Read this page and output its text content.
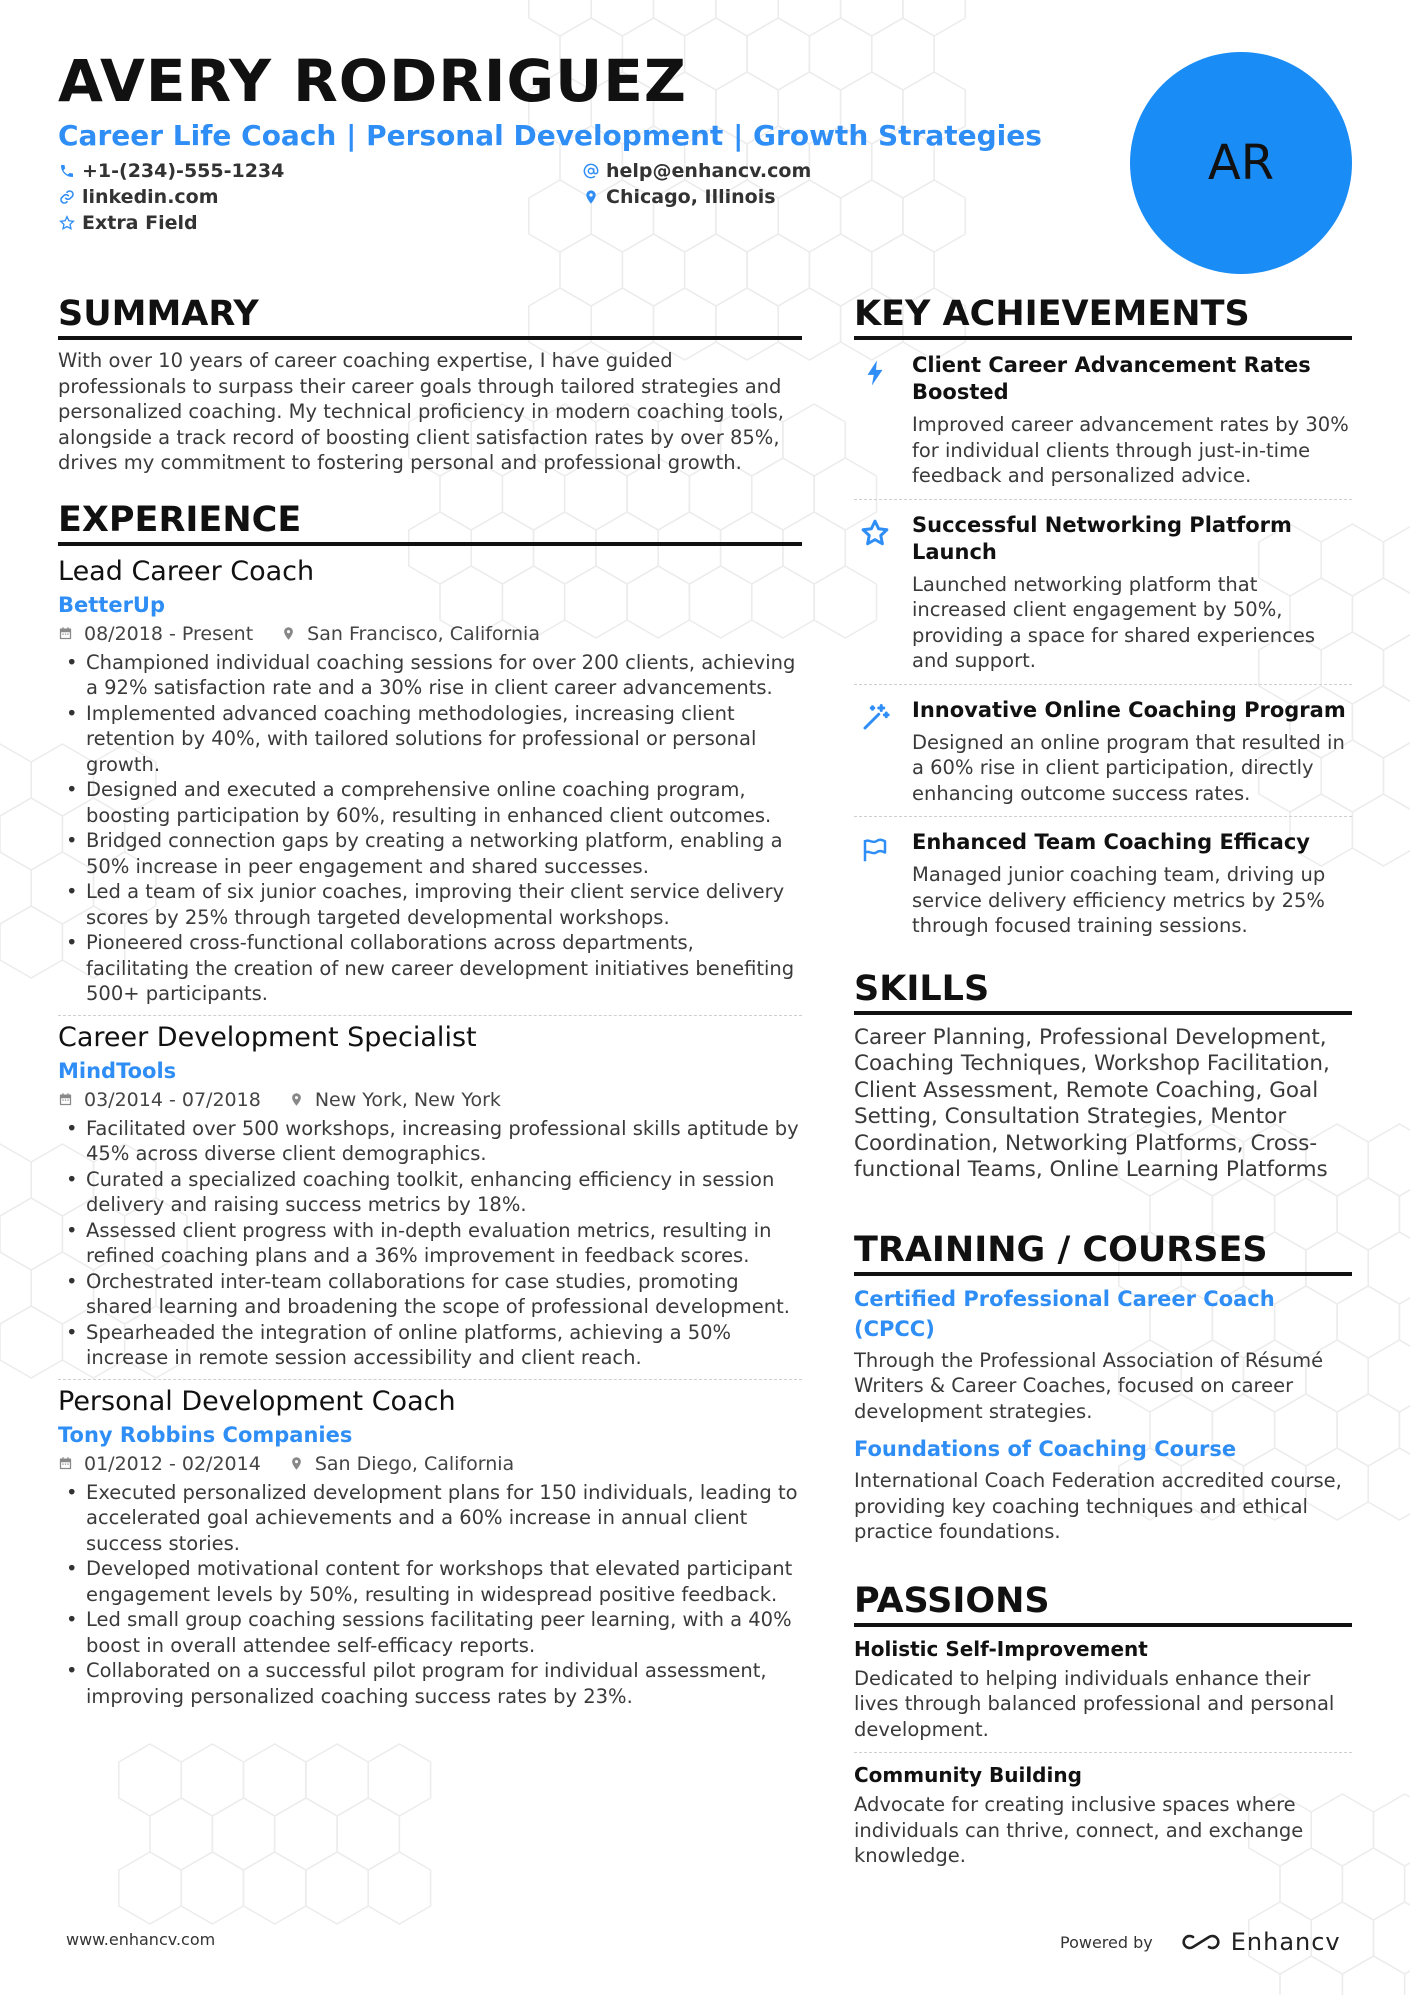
AVERY RODRIGUEZ
Career Life Coach | Personal Development | Growth Strategies
+1-(234)-555-1234	help@enhancv.com
linkedin.com	Chicago, Illinois
Extra Field
AR
SUMMARY
With over 10 years of career coaching expertise, I have guided professionals to surpass their career goals through tailored strategies and personalized coaching. My technical proficiency in modern coaching tools, alongside a track record of boosting client satisfaction rates by over 85%, drives my commitment to fostering personal and professional growth.
EXPERIENCE
Lead Career Coach
BetterUp
08/2018 - Present	San Francisco, California
• Championed individual coaching sessions for over 200 clients, achieving a 92% satisfaction rate and a 30% rise in client career advancements.
• Implemented advanced coaching methodologies, increasing client retention by 40%, with tailored solutions for professional or personal growth.
• Designed and executed a comprehensive online coaching program, boosting participation by 60%, resulting in enhanced client outcomes.
• Bridged connection gaps by creating a networking platform, enabling a 50% increase in peer engagement and shared successes.
• Led a team of six junior coaches, improving their client service delivery scores by 25% through targeted developmental workshops.
• Pioneered cross-functional collaborations across departments, facilitating the creation of new career development initiatives benefiting 500+ participants.
Career Development Specialist
MindTools
03/2014 - 07/2018	New York, New York
• Facilitated over 500 workshops, increasing professional skills aptitude by 45% across diverse client demographics.
• Curated a specialized coaching toolkit, enhancing efficiency in session delivery and raising success metrics by 18%.
• Assessed client progress with in-depth evaluation metrics, resulting in refined coaching plans and a 36% improvement in feedback scores.
• Orchestrated inter-team collaborations for case studies, promoting shared learning and broadening the scope of professional development.
• Spearheaded the integration of online platforms, achieving a 50% increase in remote session accessibility and client reach.
Personal Development Coach
Tony Robbins Companies
01/2012 - 02/2014	San Diego, California
• Executed personalized development plans for 150 individuals, leading to accelerated goal achievements and a 60% increase in annual client success stories.
• Developed motivational content for workshops that elevated participant engagement levels by 50%, resulting in widespread positive feedback.
• Led small group coaching sessions facilitating peer learning, with a 40% boost in overall attendee self-efficacy reports.
• Collaborated on a successful pilot program for individual assessment, improving personalized coaching success rates by 23%.
KEY ACHIEVEMENTS
Client Career Advancement Rates Boosted
Improved career advancement rates by 30% for individual clients through just-in-time feedback and personalized advice.
Successful Networking Platform Launch
Launched networking platform that increased client engagement by 50%, providing a space for shared experiences and support.
Innovative Online Coaching Program
Designed an online program that resulted in a 60% rise in client participation, directly enhancing outcome success rates.
Enhanced Team Coaching Efficacy
Managed junior coaching team, driving up service delivery efficiency metrics by 25% through focused training sessions.
SKILLS
Career Planning, Professional Development, Coaching Techniques, Workshop Facilitation, Client Assessment, Remote Coaching, Goal Setting, Consultation Strategies, Mentor Coordination, Networking Platforms, Cross-functional Teams, Online Learning Platforms
TRAINING / COURSES
Certified Professional Career Coach (CPCC)
Through the Professional Association of Résumé Writers & Career Coaches, focused on career development strategies.
Foundations of Coaching Course
International Coach Federation accredited course, providing key coaching techniques and ethical practice foundations.
PASSIONS
Holistic Self-Improvement
Dedicated to helping individuals enhance their lives through balanced professional and personal development.
Community Building
Advocate for creating inclusive spaces where individuals can thrive, connect, and exchange knowledge.
www.enhancv.com	Powered by	Enhancv
